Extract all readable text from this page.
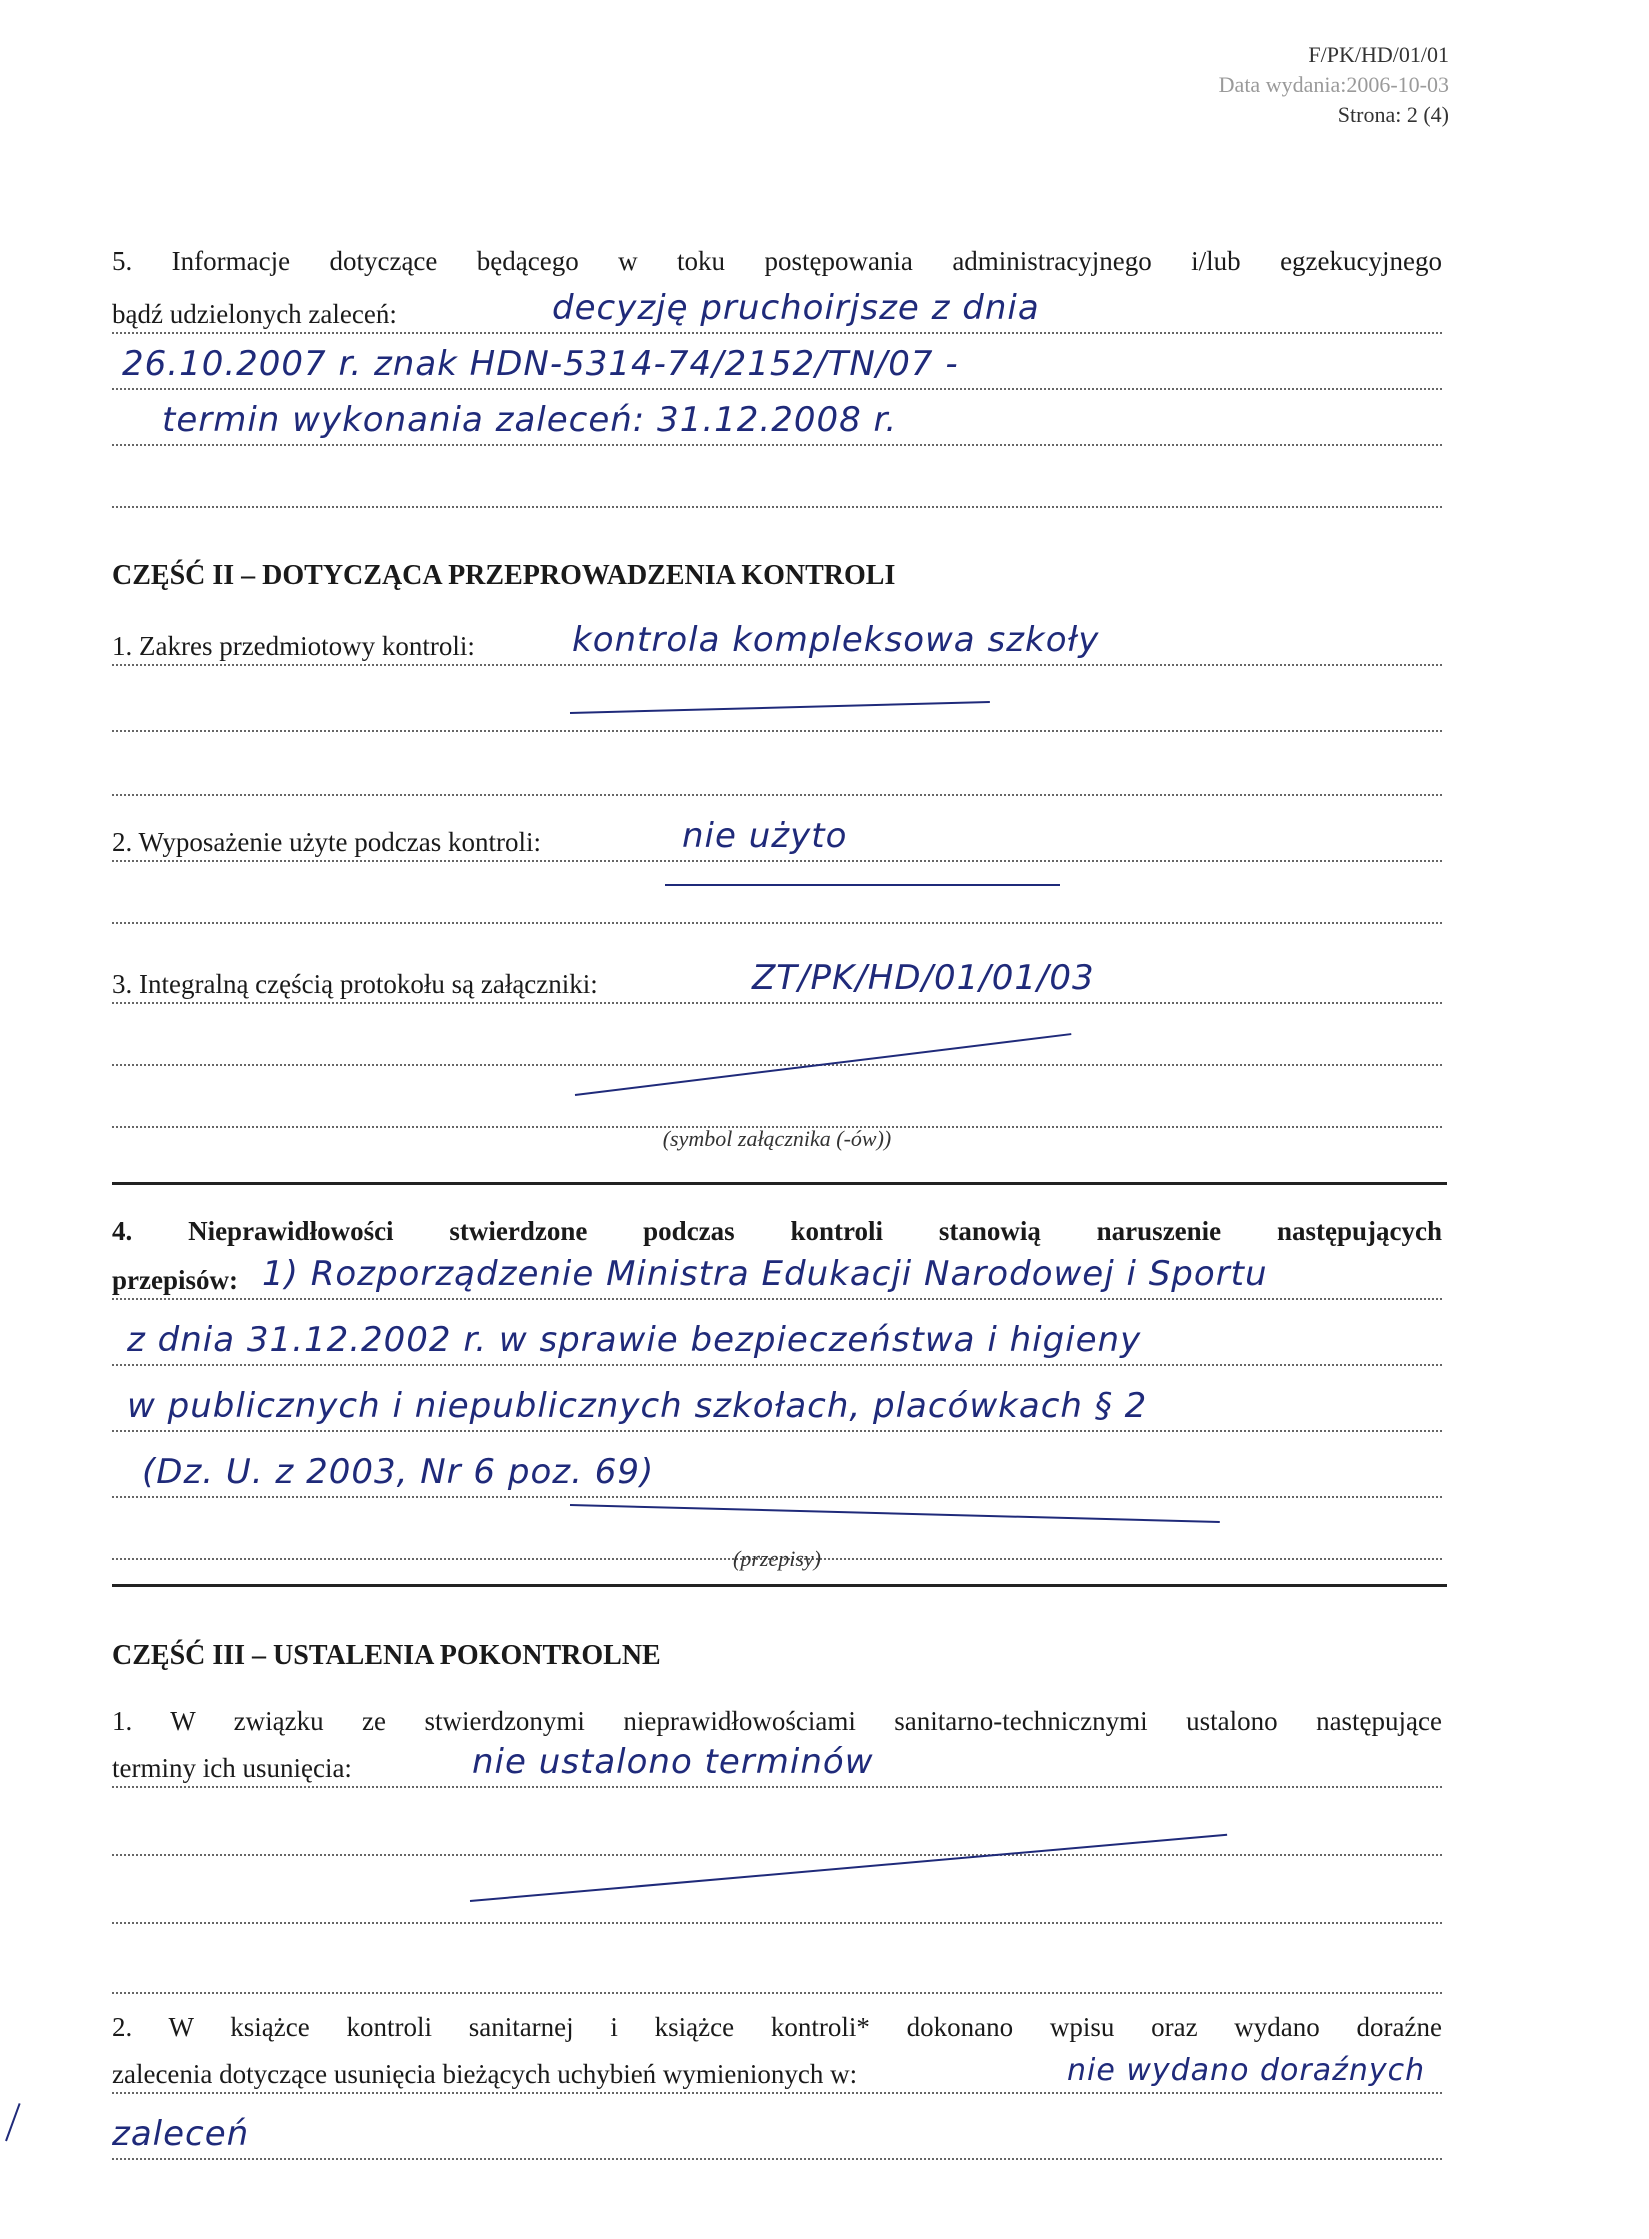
F/PK/HD/01/01
Data wydania:2006-10-03
Strona: 2 (4)
5. Informacje dotyczące będącego w toku postępowania administracyjnego i/lub egzekucyjnego
bądź udzielonych zaleceń:	decyzję pruchoirjsze z dnia
26.10.2007 r. znak HDN-5314-74/2152/TN/07 -
termin wykonania zaleceń: 31.12.2008 r.
CZĘŚĆ II – DOTYCZĄCA PRZEPROWADZENIA KONTROLI
1. Zakres przedmiotowy kontroli:	kontrola kompleksowa szkoły
2. Wyposażenie użyte podczas kontroli:	nie użyto
3. Integralną częścią protokołu są załączniki:	ZT/PK/HD/01/01/03
(symbol załącznika (-ów))
4. Nieprawidłowości stwierdzone podczas kontroli stanowią naruszenie następujących
przepisów: 1) Rozporządzenie Ministra Edukacji Narodowej i Sportu
z dnia 31.12.2002 r. w sprawie bezpieczeństwa i higieny
w publicznych i niepublicznych szkołach, placówkach § 2
(Dz. U. z 2003, Nr 6 poz. 69)
(przepisy)
CZĘŚĆ III – USTALENIA POKONTROLNE
1. W związku ze stwierdzonymi nieprawidłowościami sanitarno-technicznymi ustalono następujące
terminy ich usunięcia:	nie ustalono terminów
2. W książce kontroli sanitarnej i książce kontroli* dokonano wpisu oraz wydano doraźne
zalecenia dotyczące usunięcia bieżących uchybień wymienionych w:	nie wydano doraźnych
zaleceń
